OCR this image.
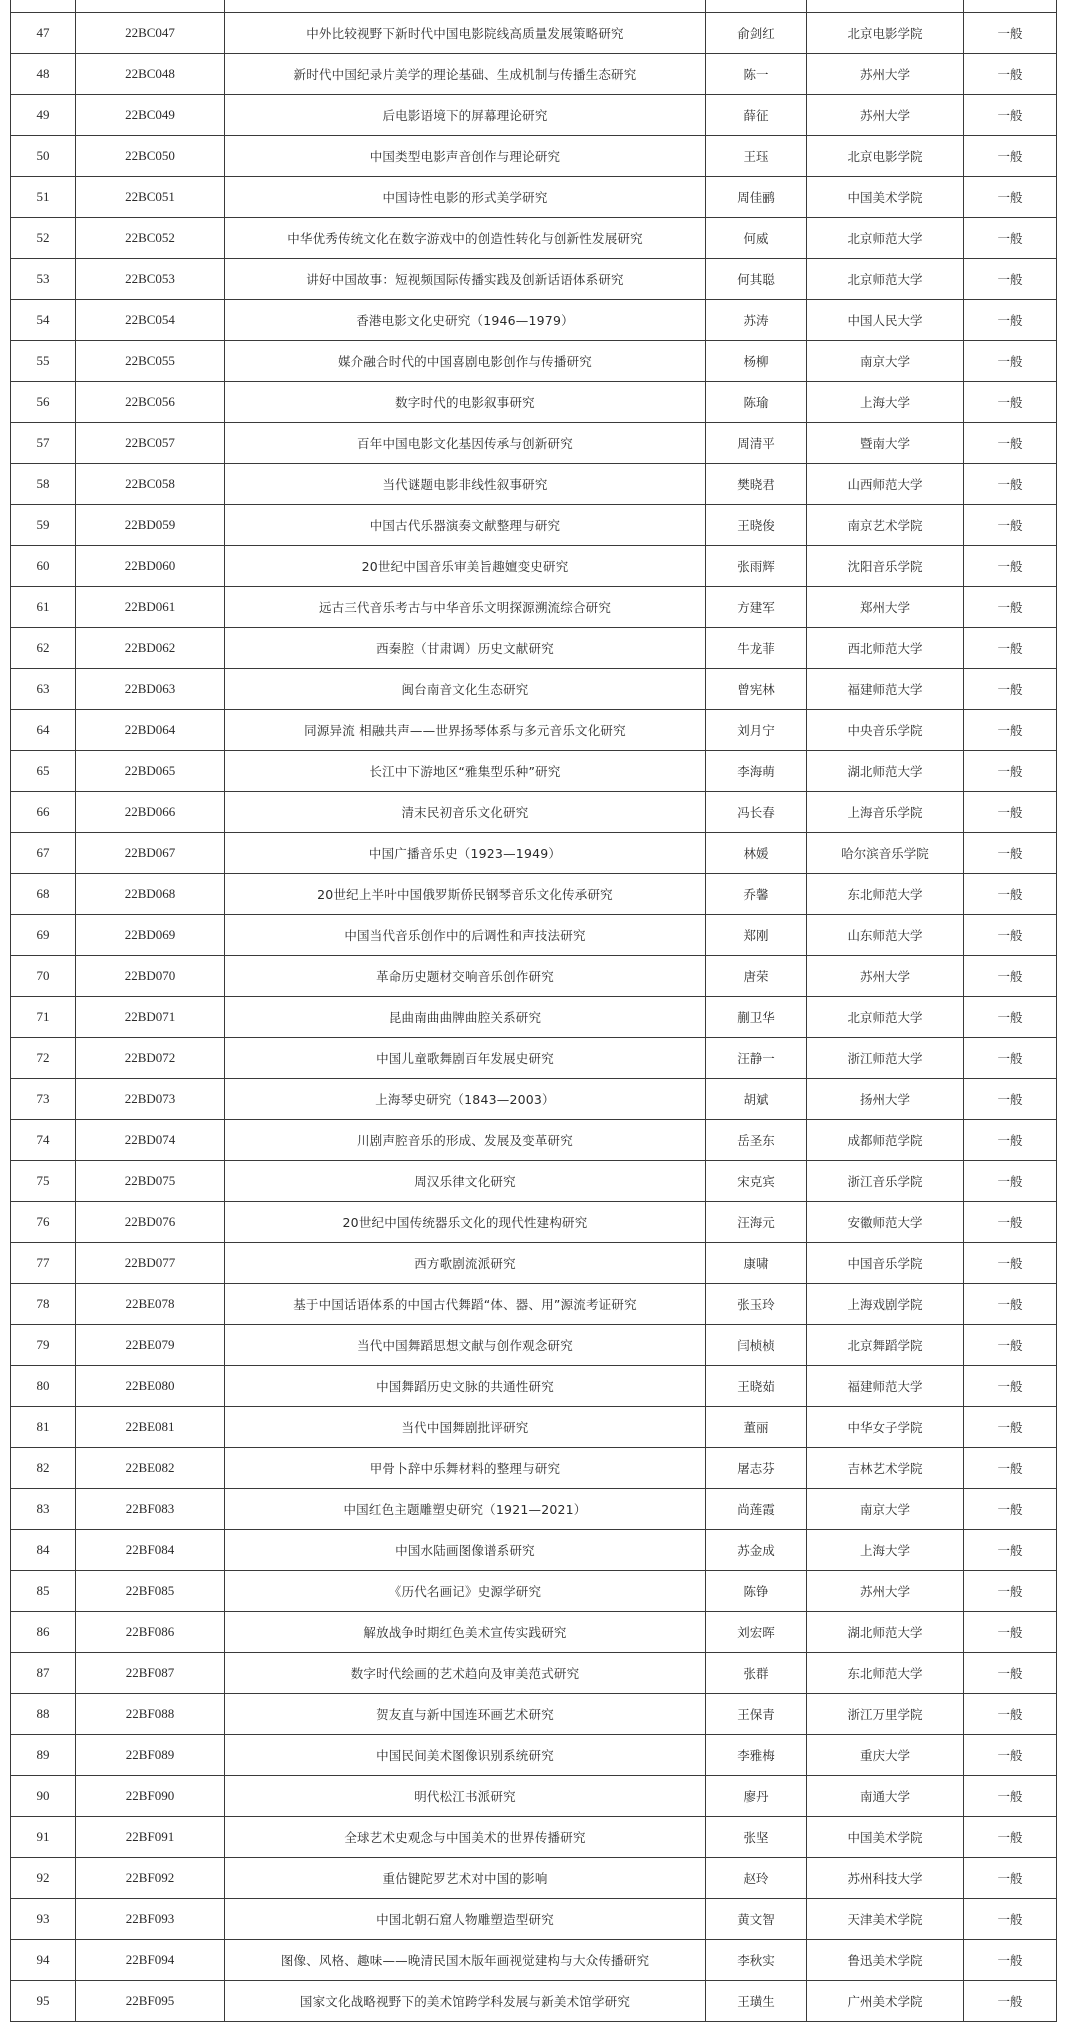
47	22BC047	中外比较视野下新时代中国电影院线高质量发展策略研究	俞剑红	北京电影学院	一般
48	22BC048	新时代中国纪录片美学的理论基础、生成机制与传播生态研究	陈一	苏州大学	一般
49	22BC049	后电影语境下的屏幕理论研究	薛征	苏州大学	一般
50	22BC050	中国类型电影声音创作与理论研究	王珏	北京电影学院	一般
51	22BC051	中国诗性电影的形式美学研究	周佳鹂	中国美术学院	一般
52	22BC052	中华优秀传统文化在数字游戏中的创造性转化与创新性发展研究	何威	北京师范大学	一般
53	22BC053	讲好中国故事：短视频国际传播实践及创新话语体系研究	何其聪	北京师范大学	一般
54	22BC054	香港电影文化史研究（1946—1979）	苏涛	中国人民大学	一般
55	22BC055	媒介融合时代的中国喜剧电影创作与传播研究	杨柳	南京大学	一般
56	22BC056	数字时代的电影叙事研究	陈瑜	上海大学	一般
57	22BC057	百年中国电影文化基因传承与创新研究	周清平	暨南大学	一般
58	22BC058	当代谜题电影非线性叙事研究	樊晓君	山西师范大学	一般
59	22BD059	中国古代乐器演奏文献整理与研究	王晓俊	南京艺术学院	一般
60	22BD060	20世纪中国音乐审美旨趣嬗变史研究	张雨辉	沈阳音乐学院	一般
61	22BD061	远古三代音乐考古与中华音乐文明探源溯流综合研究	方建军	郑州大学	一般
62	22BD062	西秦腔（甘肃调）历史文献研究	牛龙菲	西北师范大学	一般
63	22BD063	闽台南音文化生态研究	曾宪林	福建师范大学	一般
64	22BD064	同源异流 相融共声——世界扬琴体系与多元音乐文化研究	刘月宁	中央音乐学院	一般
65	22BD065	长江中下游地区“雅集型乐种”研究	李海萌	湖北师范大学	一般
66	22BD066	清末民初音乐文化研究	冯长春	上海音乐学院	一般
67	22BD067	中国广播音乐史（1923—1949）	林媛	哈尔滨音乐学院	一般
68	22BD068	20世纪上半叶中国俄罗斯侨民钢琴音乐文化传承研究	乔馨	东北师范大学	一般
69	22BD069	中国当代音乐创作中的后调性和声技法研究	郑刚	山东师范大学	一般
70	22BD070	革命历史题材交响音乐创作研究	唐荣	苏州大学	一般
71	22BD071	昆曲南曲曲牌曲腔关系研究	蒯卫华	北京师范大学	一般
72	22BD072	中国儿童歌舞剧百年发展史研究	汪静一	浙江师范大学	一般
73	22BD073	上海琴史研究（1843—2003）	胡斌	扬州大学	一般
74	22BD074	川剧声腔音乐的形成、发展及变革研究	岳圣东	成都师范学院	一般
75	22BD075	周汉乐律文化研究	宋克宾	浙江音乐学院	一般
76	22BD076	20世纪中国传统器乐文化的现代性建构研究	汪海元	安徽师范大学	一般
77	22BD077	西方歌剧流派研究	康啸	中国音乐学院	一般
78	22BE078	基于中国话语体系的中国古代舞蹈“体、器、用”源流考证研究	张玉玲	上海戏剧学院	一般
79	22BE079	当代中国舞蹈思想文献与创作观念研究	闫桢桢	北京舞蹈学院	一般
80	22BE080	中国舞蹈历史文脉的共通性研究	王晓茹	福建师范大学	一般
81	22BE081	当代中国舞剧批评研究	董丽	中华女子学院	一般
82	22BE082	甲骨卜辞中乐舞材料的整理与研究	屠志芬	吉林艺术学院	一般
83	22BF083	中国红色主题雕塑史研究（1921—2021）	尚莲霞	南京大学	一般
84	22BF084	中国水陆画图像谱系研究	苏金成	上海大学	一般
85	22BF085	《历代名画记》史源学研究	陈铮	苏州大学	一般
86	22BF086	解放战争时期红色美术宣传实践研究	刘宏晖	湖北师范大学	一般
87	22BF087	数字时代绘画的艺术趋向及审美范式研究	张群	东北师范大学	一般
88	22BF088	贺友直与新中国连环画艺术研究	王保青	浙江万里学院	一般
89	22BF089	中国民间美术图像识别系统研究	李雅梅	重庆大学	一般
90	22BF090	明代松江书派研究	廖丹	南通大学	一般
91	22BF091	全球艺术史观念与中国美术的世界传播研究	张坚	中国美术学院	一般
92	22BF092	重估键陀罗艺术对中国的影响	赵玲	苏州科技大学	一般
93	22BF093	中国北朝石窟人物雕塑造型研究	黄文智	天津美术学院	一般
94	22BF094	图像、风格、趣味——晚清民国木版年画视觉建构与大众传播研究	李秋实	鲁迅美术学院	一般
95	22BF095	国家文化战略视野下的美术馆跨学科发展与新美术馆学研究	王璜生	广州美术学院	一般
